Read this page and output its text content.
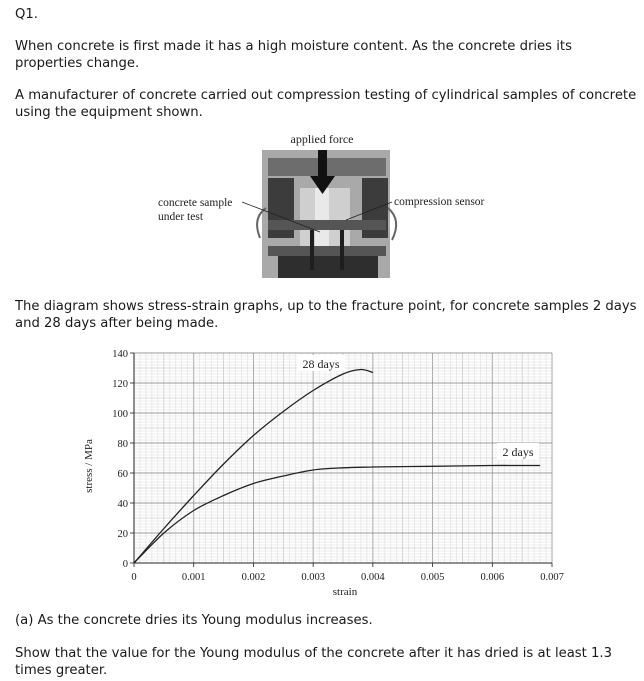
Q1.

When concrete is first made it has a high moisture content. As the concrete dries its properties change.

A manufacturer of concrete carried out compression testing of cylindrical samples of concrete using the equipment shown.

applied force
concrete sample
under test
compression sensor

The diagram shows stress-strain graphs, up to the fracture point, for concrete samples 2 days and 28 days after being made.

0	0.001	0.002	0.003	0.004	0.005	0.006	0.007
0
20
40
60
80
100
120
140
strain
stress / MPa
28 days
2 days

(a) As the concrete dries its Young modulus increases.

Show that the value for the Young modulus of the concrete after it has dried is at least 1.3 times greater.
